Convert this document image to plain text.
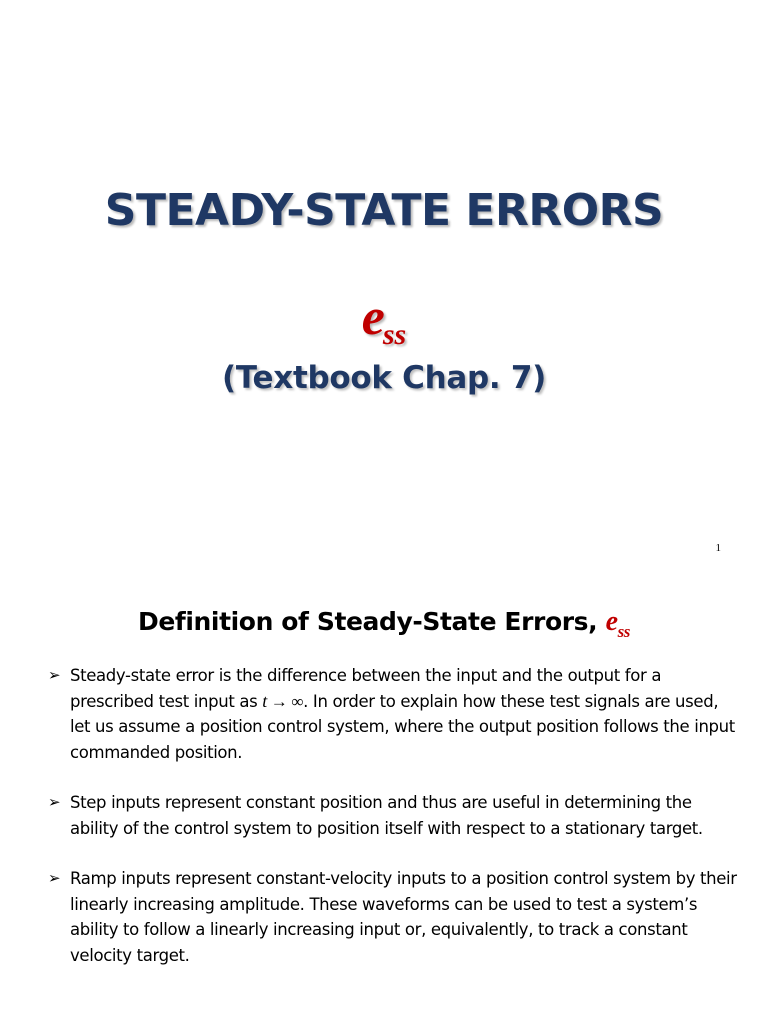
STEADY-STATE ERRORS
ess
(Textbook Chap. 7)
1
Definition of Steady-State Errors, $e_{ss}$
➢ Steady-state error is the difference between the input and the output for a prescribed test input as t → ∞. In order to explain how these test signals are used, let us assume a position control system, where the output position follows the input commanded position.
➢ Step inputs represent constant position and thus are useful in determining the ability of the control system to position itself with respect to a stationary target.
➢ Ramp inputs represent constant-velocity inputs to a position control system by their linearly increasing amplitude. These waveforms can be used to test a system’s ability to follow a linearly increasing input or, equivalently, to track a constant velocity target.
